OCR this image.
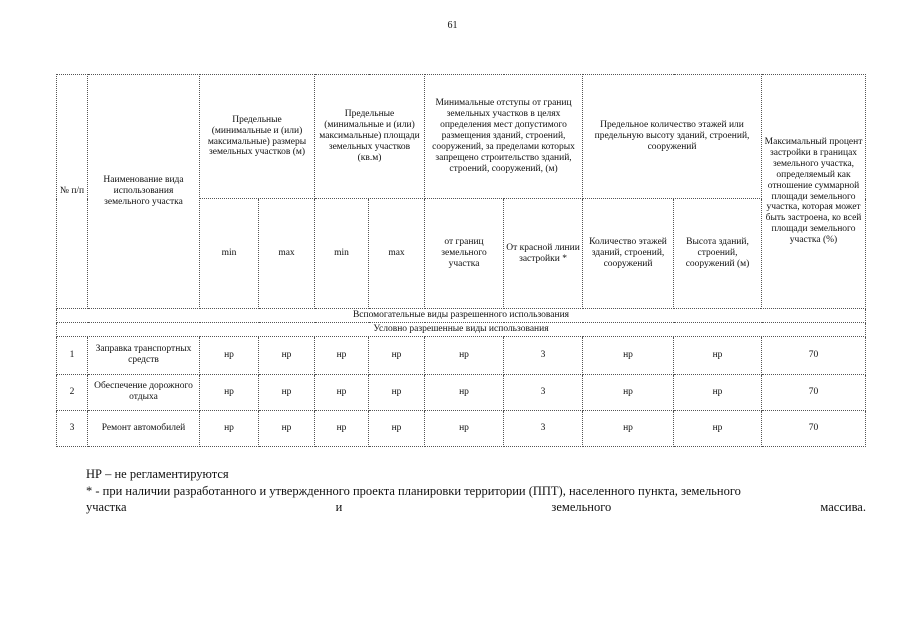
61
№ п/п	Наименование вида использования земельного участка	Предельные (минимальные и (или) максимальные) размеры земельных участков (м)		Предельные (минимальные и (или) максимальные) площади земельных участков (кв.м)		Минимальные отступы от границ земельных участков в целях определения мест допустимого размещения зданий, строений, сооружений, за пределами которых запрещено строительство зданий, строений, сооружений, (м)		Предельное количество этажей или предельную высоту зданий, строений, сооружений		Максимальный процент застройки в границах земельного участка, определяемый как отношение суммарной площади земельного участка, которая может быть застроена, ко всей площади земельного участка (%)
		min	max	min	max	от границ земельного участка	От красной линии застройки *	Количество этажей зданий, строений, сооружений	Высота зданий, строений, сооружений (м)	
Вспомогательные виды разрешенного использования										
Условно разрешенные виды использования										
1	Заправка транспортных средств	нр	нр	нр	нр	нр	3	нр	нр	70
2	Обеспечение дорожного отдыха	нр	нр	нр	нр	нр	3	нр	нр	70
3	Ремонт автомобилей	нр	нр	нр	нр	нр	3	нр	нр	70
НР – не регламентируются
* - при наличии разработанного и утвержденного проекта планировки территории (ППТ), населенного пункта, земельного
участка	и	земельного	массива.
